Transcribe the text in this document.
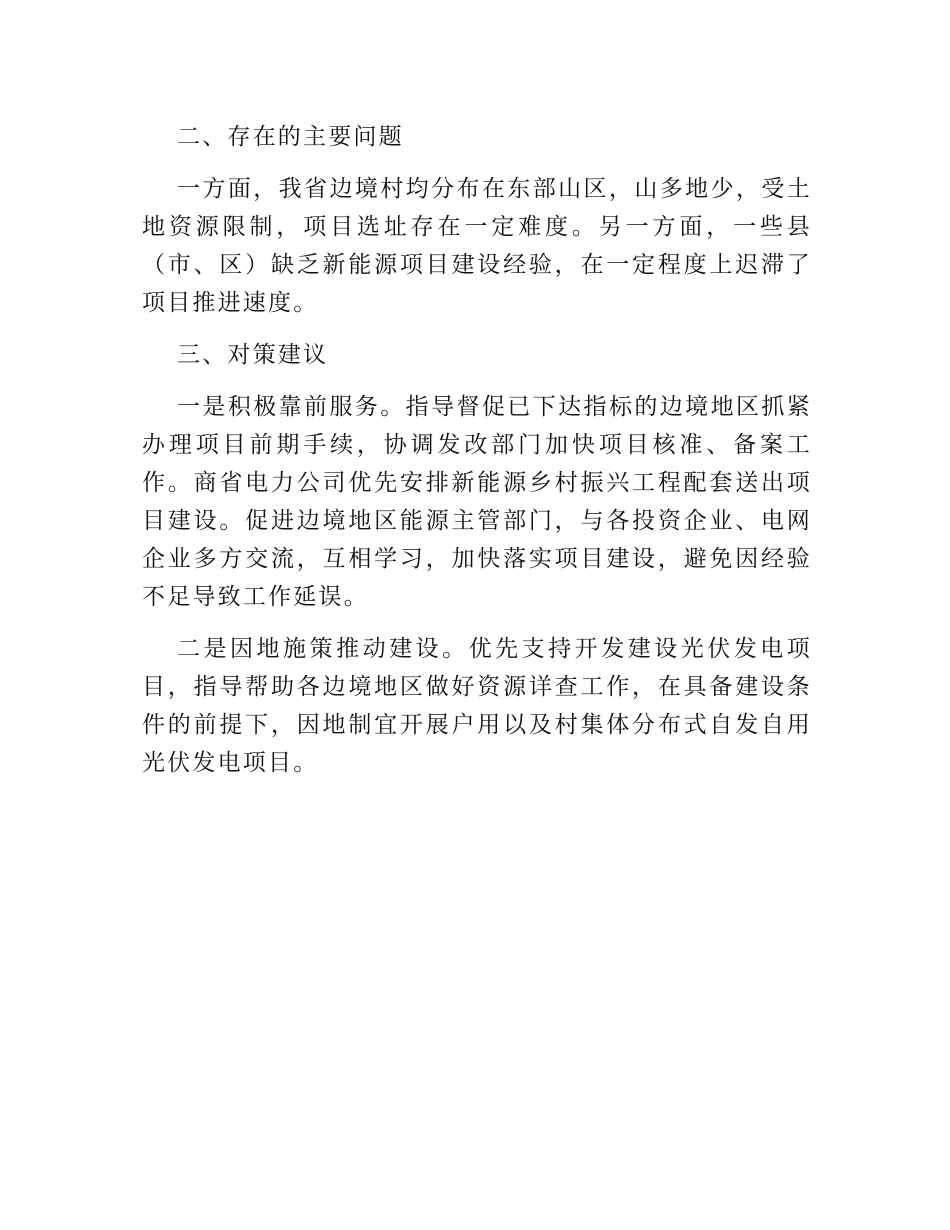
二、存在的主要问题

一方面，我省边境村均分布在东部山区，山多地少，受土地资源限制，项目选址存在一定难度。另一方面，一些县（市、区）缺乏新能源项目建设经验，在一定程度上迟滞了项目推进速度。

三、对策建议

一是积极靠前服务。指导督促已下达指标的边境地区抓紧办理项目前期手续，协调发改部门加快项目核准、备案工作。商省电力公司优先安排新能源乡村振兴工程配套送出项目建设。促进边境地区能源主管部门，与各投资企业、电网企业多方交流，互相学习，加快落实项目建设，避免因经验不足导致工作延误。

二是因地施策推动建设。优先支持开发建设光伏发电项目，指导帮助各边境地区做好资源详查工作，在具备建设条件的前提下，因地制宜开展户用以及村集体分布式自发自用光伏发电项目。
